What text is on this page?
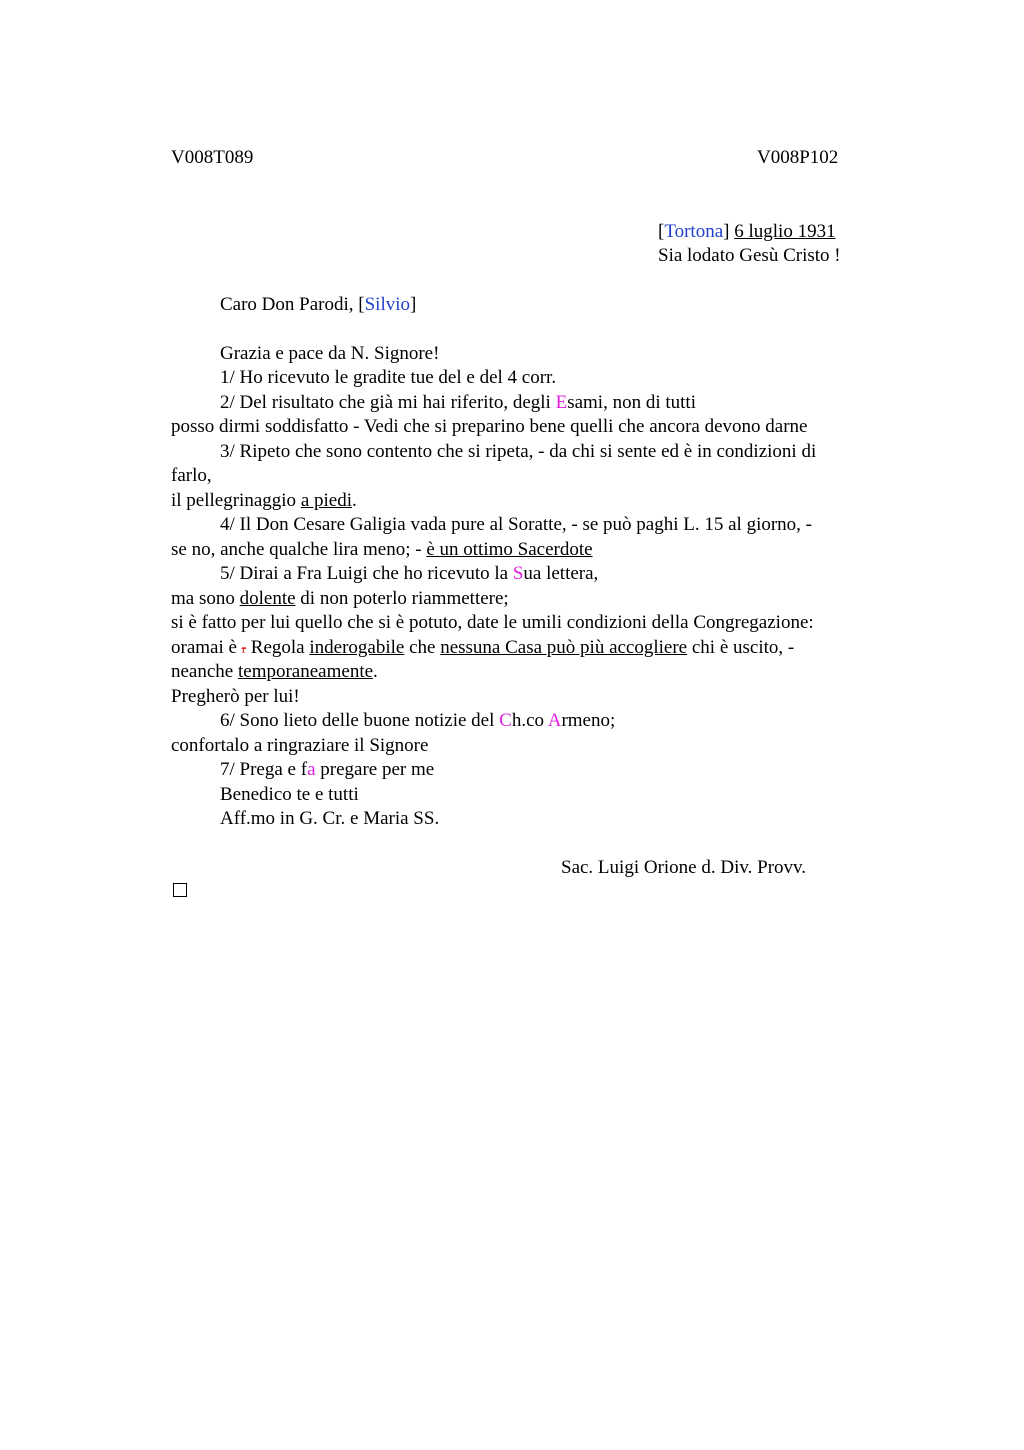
V008T089	V008P102
[Tortona] 6 luglio 1931
Sia lodato Gesù Cristo !
Caro Don Parodi, [Silvio]
Grazia e pace da N. Signore!
1/ Ho ricevuto le gradite tue del e del 4 corr.
2/ Del risultato che già mi hai riferito, degli Esami, non di tutti
posso dirmi soddisfatto - Vedi che si preparino bene quelli che ancora devono darne
3/ Ripeto che sono contento che si ripeta, - da chi si sente ed è in condizioni di
farlo,
il pellegrinaggio a piedi.
4/ Il Don Cesare Galigia vada pure al Soratte, - se può paghi L. 15 al giorno, -
se no, anche qualche lira meno; - è un ottimo Sacerdote
5/ Dirai a Fra Luigi che ho ricevuto la Sua lettera,
ma sono dolente di non poterlo riammettere;
si è fatto per lui quello che si è potuto, date le umili condizioni della Congregazione:
oramai è r Regola inderogabile che nessuna Casa può più accogliere chi è uscito, -
neanche temporaneamente.
Pregherò per lui!
6/ Sono lieto delle buone notizie del Ch.co Armeno;
confortalo a ringraziare il Signore
7/ Prega e fa pregare per me
Benedico te e tutti
Aff.mo in G. Cr. e Maria SS.
Sac. Luigi Orione d. Div. Provv.
